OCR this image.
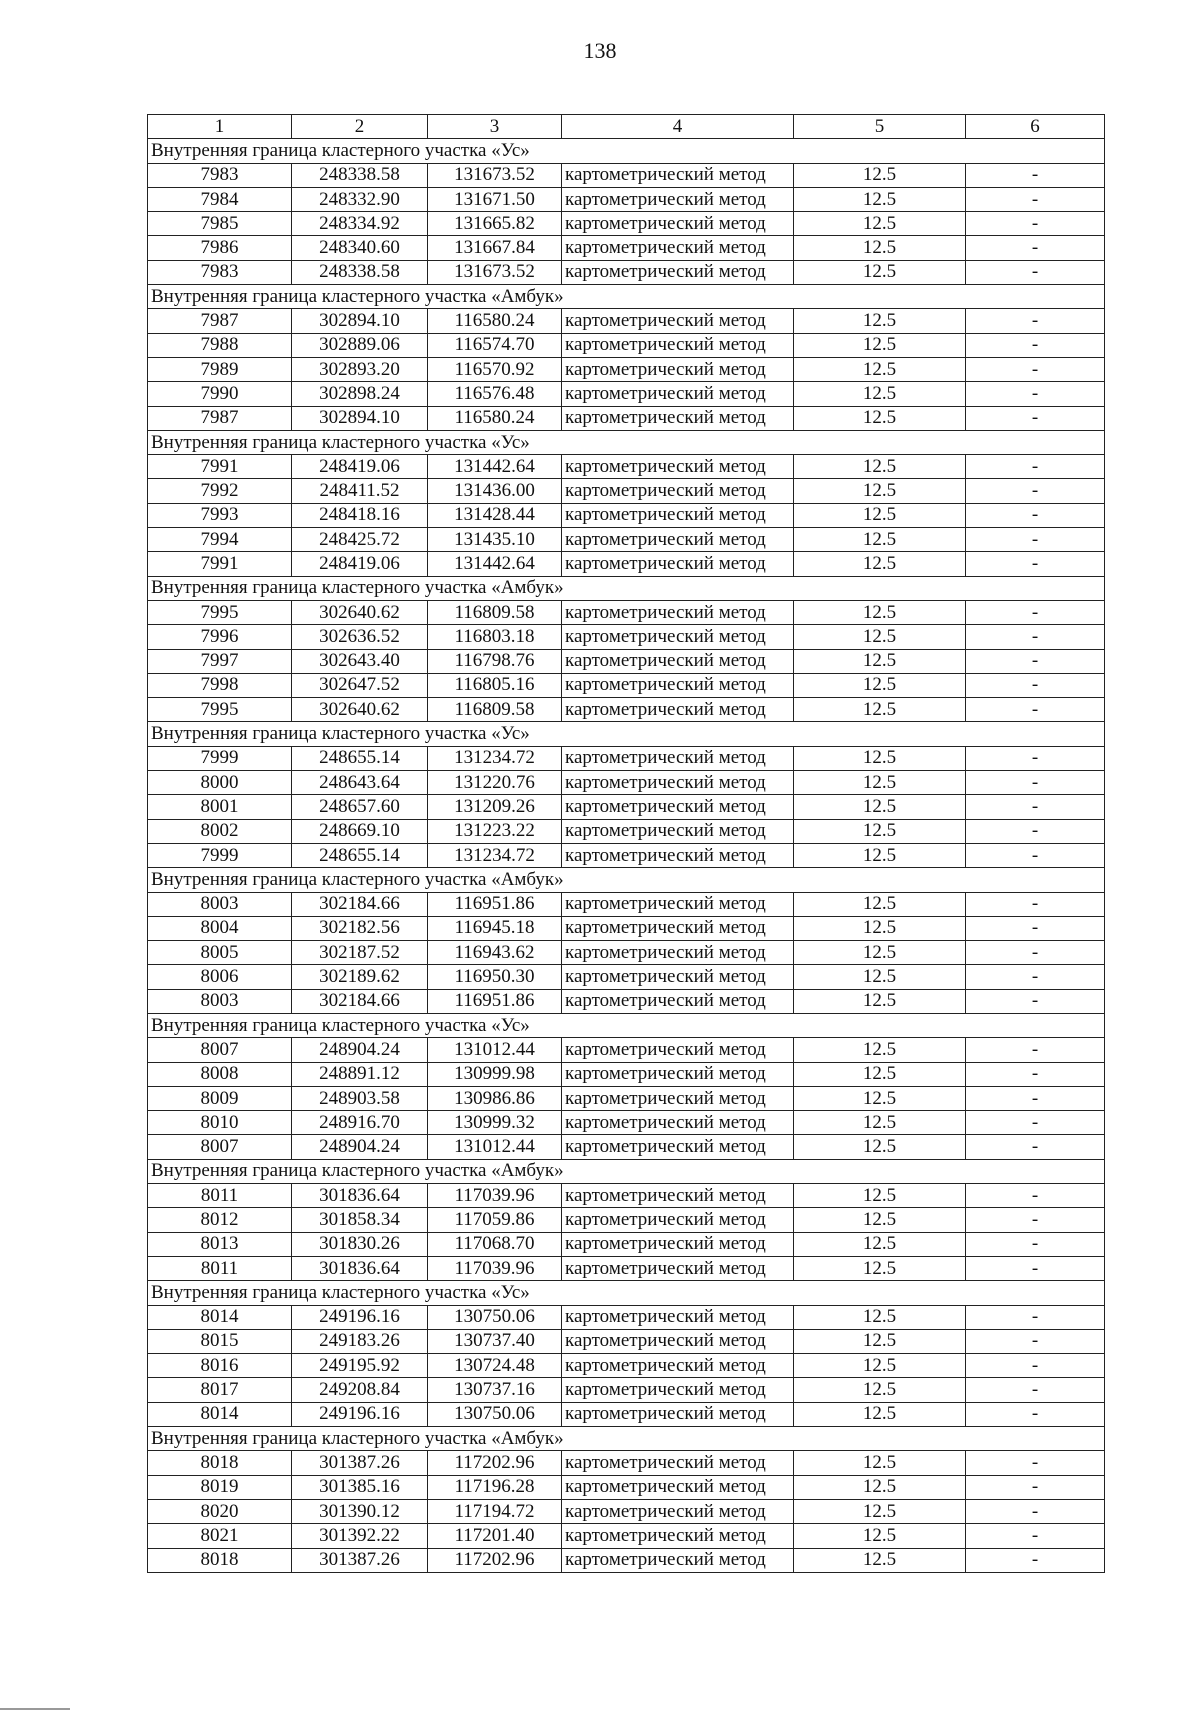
138
1	2	3	4	5	6
Внутренняя граница кластерного участка «Ус»					
7983	248338.58	131673.52	картометрический метод	12.5	-
7984	248332.90	131671.50	картометрический метод	12.5	-
7985	248334.92	131665.82	картометрический метод	12.5	-
7986	248340.60	131667.84	картометрический метод	12.5	-
7983	248338.58	131673.52	картометрический метод	12.5	-
Внутренняя граница кластерного участка «Амбук»					
7987	302894.10	116580.24	картометрический метод	12.5	-
7988	302889.06	116574.70	картометрический метод	12.5	-
7989	302893.20	116570.92	картометрический метод	12.5	-
7990	302898.24	116576.48	картометрический метод	12.5	-
7987	302894.10	116580.24	картометрический метод	12.5	-
Внутренняя граница кластерного участка «Ус»					
7991	248419.06	131442.64	картометрический метод	12.5	-
7992	248411.52	131436.00	картометрический метод	12.5	-
7993	248418.16	131428.44	картометрический метод	12.5	-
7994	248425.72	131435.10	картометрический метод	12.5	-
7991	248419.06	131442.64	картометрический метод	12.5	-
Внутренняя граница кластерного участка «Амбук»					
7995	302640.62	116809.58	картометрический метод	12.5	-
7996	302636.52	116803.18	картометрический метод	12.5	-
7997	302643.40	116798.76	картометрический метод	12.5	-
7998	302647.52	116805.16	картометрический метод	12.5	-
7995	302640.62	116809.58	картометрический метод	12.5	-
Внутренняя граница кластерного участка «Ус»					
7999	248655.14	131234.72	картометрический метод	12.5	-
8000	248643.64	131220.76	картометрический метод	12.5	-
8001	248657.60	131209.26	картометрический метод	12.5	-
8002	248669.10	131223.22	картометрический метод	12.5	-
7999	248655.14	131234.72	картометрический метод	12.5	-
Внутренняя граница кластерного участка «Амбук»					
8003	302184.66	116951.86	картометрический метод	12.5	-
8004	302182.56	116945.18	картометрический метод	12.5	-
8005	302187.52	116943.62	картометрический метод	12.5	-
8006	302189.62	116950.30	картометрический метод	12.5	-
8003	302184.66	116951.86	картометрический метод	12.5	-
Внутренняя граница кластерного участка «Ус»					
8007	248904.24	131012.44	картометрический метод	12.5	-
8008	248891.12	130999.98	картометрический метод	12.5	-
8009	248903.58	130986.86	картометрический метод	12.5	-
8010	248916.70	130999.32	картометрический метод	12.5	-
8007	248904.24	131012.44	картометрический метод	12.5	-
Внутренняя граница кластерного участка «Амбук»					
8011	301836.64	117039.96	картометрический метод	12.5	-
8012	301858.34	117059.86	картометрический метод	12.5	-
8013	301830.26	117068.70	картометрический метод	12.5	-
8011	301836.64	117039.96	картометрический метод	12.5	-
Внутренняя граница кластерного участка «Ус»					
8014	249196.16	130750.06	картометрический метод	12.5	-
8015	249183.26	130737.40	картометрический метод	12.5	-
8016	249195.92	130724.48	картометрический метод	12.5	-
8017	249208.84	130737.16	картометрический метод	12.5	-
8014	249196.16	130750.06	картометрический метод	12.5	-
Внутренняя граница кластерного участка «Амбук»					
8018	301387.26	117202.96	картометрический метод	12.5	-
8019	301385.16	117196.28	картометрический метод	12.5	-
8020	301390.12	117194.72	картометрический метод	12.5	-
8021	301392.22	117201.40	картометрический метод	12.5	-
8018	301387.26	117202.96	картометрический метод	12.5	-
